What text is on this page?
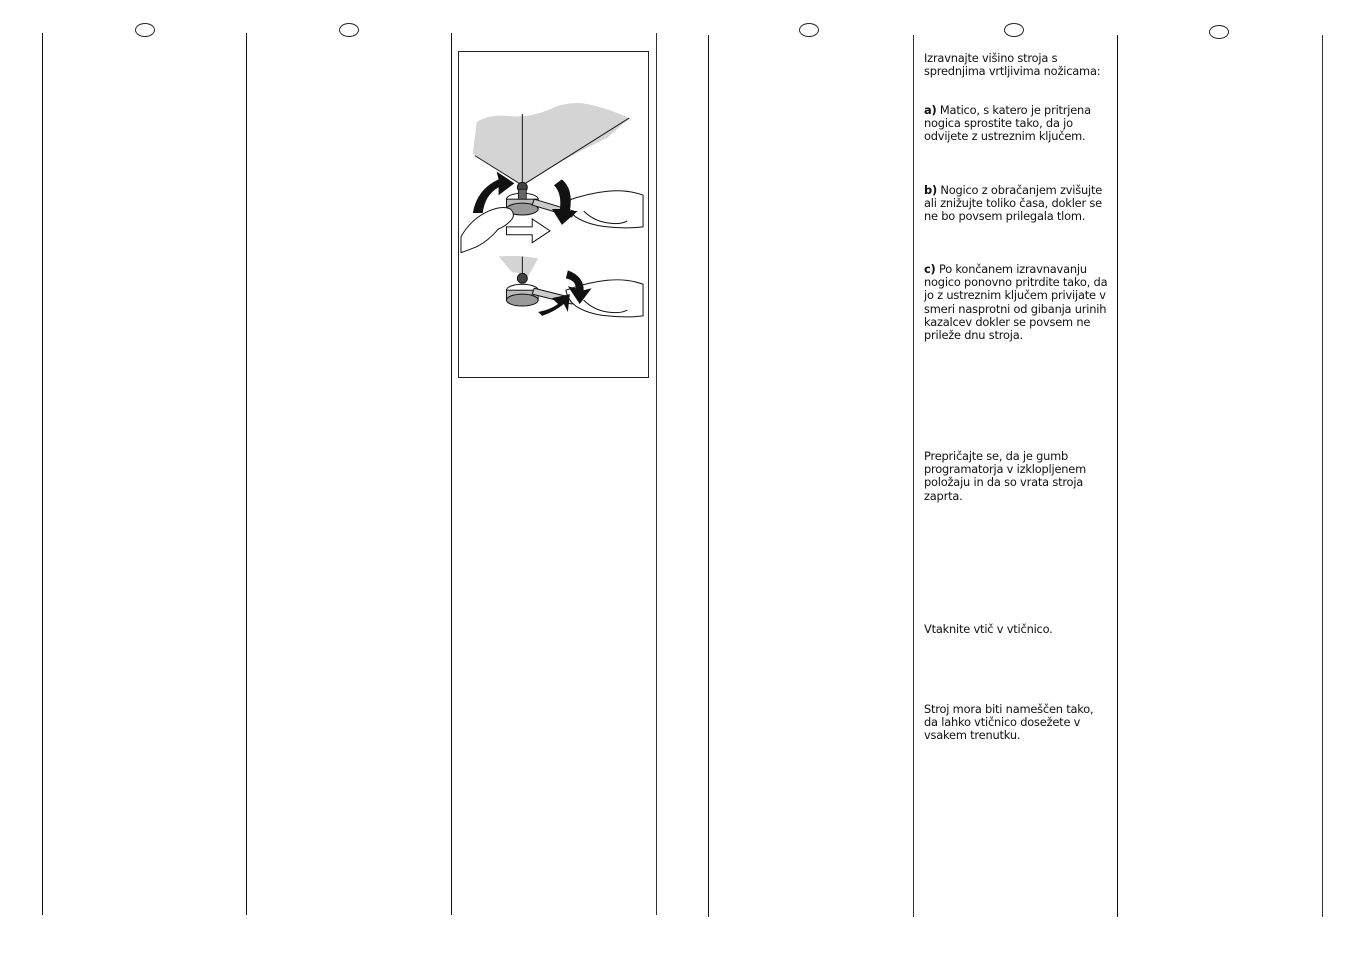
Izravnajte višino stroja s sprednjima vrtljivima nožicama:

a) Matico, s katero je pritrjena nogica sprostite tako, da jo odvijete z ustreznim ključem.

b) Nogico z obračanjem zvišujte ali znižujte toliko časa, dokler se ne bo povsem prilegala tlom.

c) Po končanem izravnavanju nogico ponovno pritrdite tako, da jo z ustreznim ključem privijate v smeri nasprotni od gibanja urinih kazalcev dokler se povsem ne prileže dnu stroja.

Prepričajte se, da je gumb programatorja v izklopljenem položaju in da so vrata stroja zaprta.

Vtaknite vtič v vtičnico.

Stroj mora biti nameščen tako, da lahko vtičnico dosežete v vsakem trenutku.
